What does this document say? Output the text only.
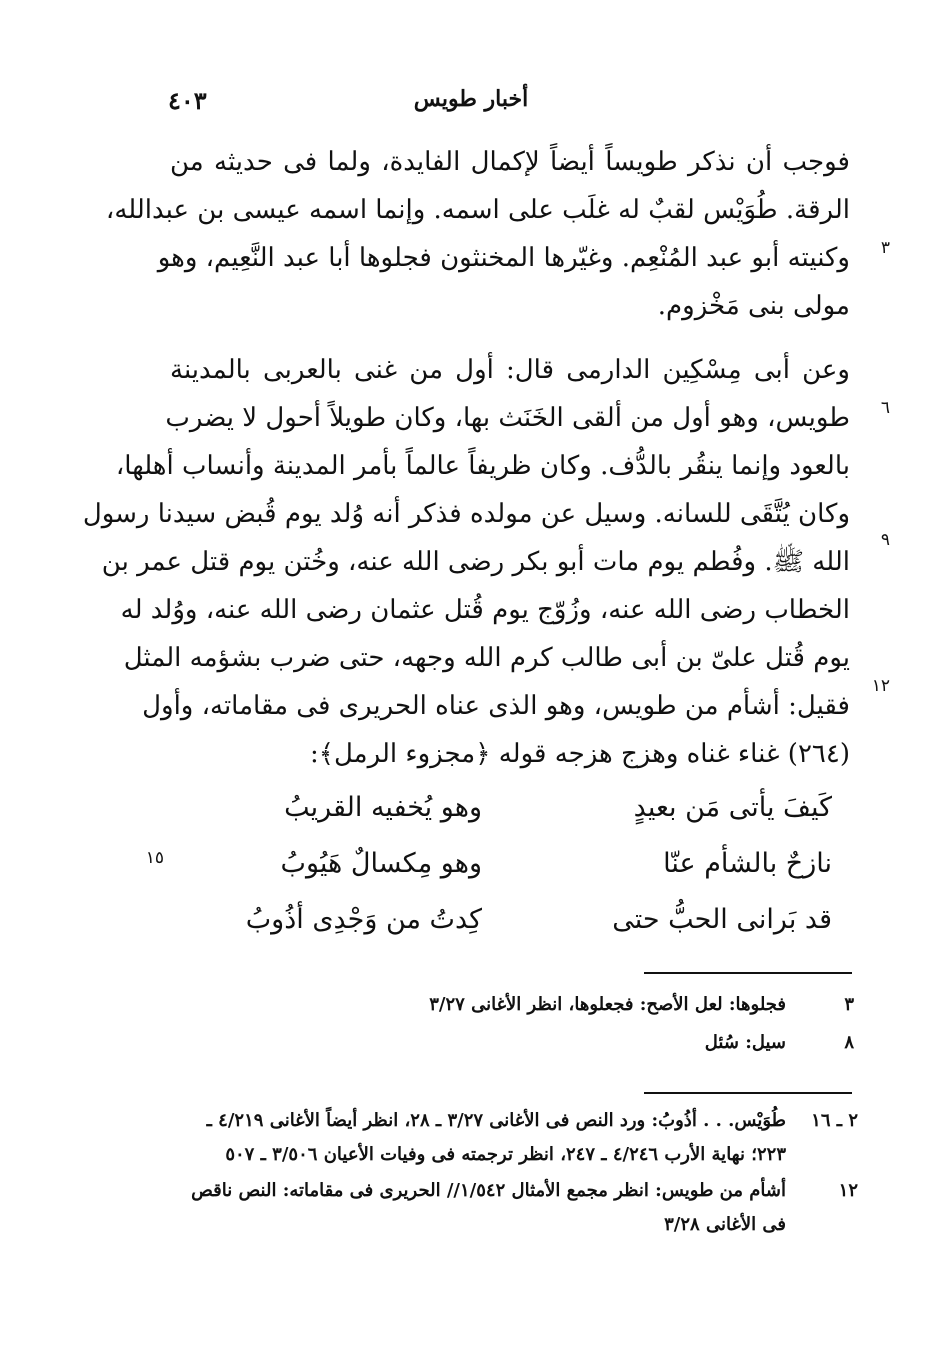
أخبار طويس
٤٠٣
فوجب أن نذكر طويساً أيضاً لإكمال الفايدة، ولما فى حديثه من
الرقة. طُوَيْس لقبٌ له غلَب على اسمه. وإنما اسمه عيسى بن عبدالله،
وكنيته أبو عبد المُنْعِم. وغيّرها المخنثون فجلوها أبا عبد النَّعِيم، وهو	٣
مولى بنى مَخْزوم.
وعن أبى مِسْكِين الدارمى قال: أول من غنى بالعربى بالمدينة
طويس، وهو أول من ألقى الخَنَث بها، وكان طويلاً أحول لا يضرب	٦
بالعود وإنما ينقُر بالدُّف. وكان ظريفاً عالماً بأمر المدينة وأنساب أهلها،
وكان يُتَّقَى للسانه. وسيل عن مولده فذكر أنه وُلد يوم قُبض سيدنا رسول
الله ﷺ. وفُطم يوم مات أبو بكر رضى الله عنه، وخُتن يوم قتل عمر بن
٩
الخطاب رضى الله عنه، وزُوّج يوم قُتل عثمان رضى الله عنه، ووُلد له
يوم قُتل علىّ بن أبى طالب كرم الله وجهه، حتى ضرب بشؤمه المثل
فقيل: أشأم من طويس، وهو الذى عناه الحريرى فى مقاماته، وأول
١٢
(٢٦٤) غناء غناه وهزج هزجه قوله ﴿مجزوء الرمل﴾:
كَيفَ يأتى مَن بعيدٍ
وهو يُخفيه القريبُ
نازحٌ بالشأم عنّا
وهو مِكسالٌ هَيُوبُ
١٥
قد بَرانى الحبُّ حتى
كِدتُ من وَجْدِى أذُوبُ
٣
فجلوها: لعل الأصح: فجعلوها، انظر الأغانى ٣/٢٧
٨
سيل: سُئل
٢ ـ ١٦
طُوَيْس. . . أذُوبُ: ورد النص فى الأغانى ٣/٢٧ ـ ٢٨، انظر أيضاً الأغانى ٤/٢١٩ ـ
٢٢٣؛ نهاية الأرب ٤/٢٤٦ ـ ٢٤٧، انظر ترجمته فى وفيات الأعيان ٣/٥٠٦ ـ ٥٠٧
١٢
أشأم من طويس: انظر مجمع الأمثال ١/٥٤٢// الحريرى فى مقاماته: النص ناقص
فى الأغانى ٣/٢٨
